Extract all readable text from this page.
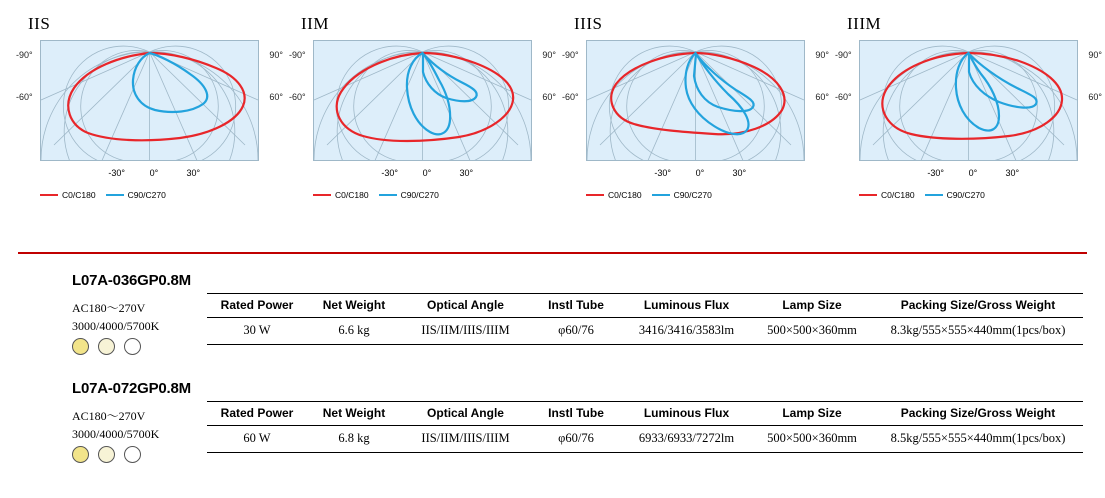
IIS
-90°
-60°
90°
60°
-30°	0°	30°
C0/C180	C90/C270
IIM
-90°
-60°
90°
60°
-30°	0°	30°
C0/C180	C90/C270
IIIS
-90°
-60°
90°
60°
-30°	0°	30°
C0/C180	C90/C270
IIIM
-90°
-60°
90°
60°
-30°	0°	30°
C0/C180	C90/C270
L07A-036GP0.8M
AC180～270V
3000/4000/5700K
Rated Power	Net Weight	Optical Angle	Instl Tube	Luminous Flux	Lamp Size	Packing Size/Gross Weight
30 W	6.6 kg	IIS/IIM/IIIS/IIIM	φ60/76	3416/3416/3583lm	500×500×360mm	8.3kg/555×555×440mm(1pcs/box)
L07A-072GP0.8M
AC180～270V
3000/4000/5700K
Rated Power	Net Weight	Optical Angle	Instl Tube	Luminous Flux	Lamp Size	Packing Size/Gross Weight
60 W	6.8 kg	IIS/IIM/IIIS/IIIM	φ60/76	6933/6933/7272lm	500×500×360mm	8.5kg/555×555×440mm(1pcs/box)
